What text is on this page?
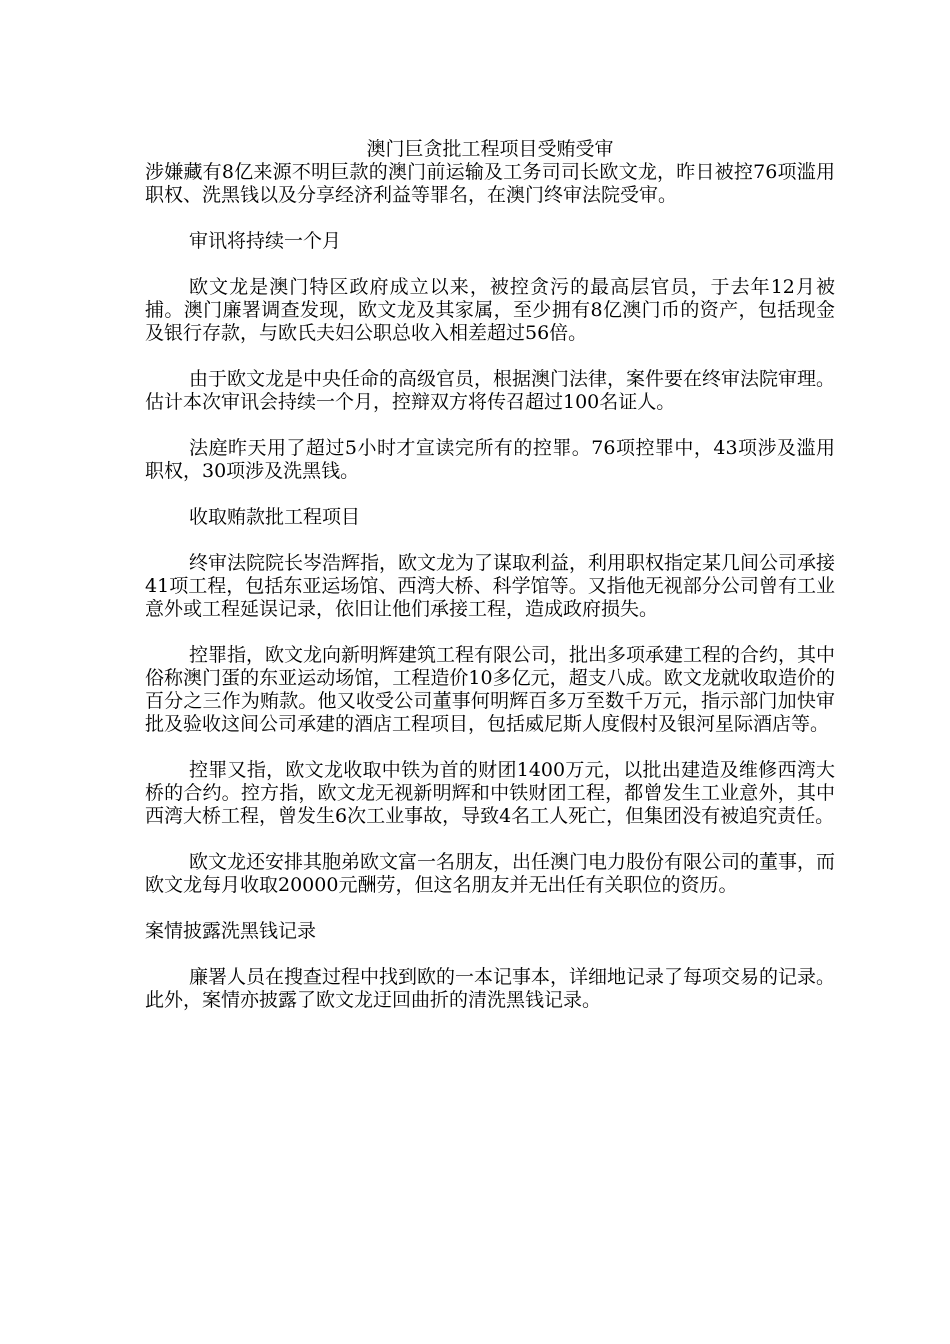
澳门巨贪批工程项目受贿受审

涉嫌藏有8亿来源不明巨款的澳门前运输及工务司司长欧文龙，昨日被控76项滥用职权、洗黑钱以及分享经济利益等罪名，在澳门终审法院受审。

审讯将持续一个月

欧文龙是澳门特区政府成立以来，被控贪污的最高层官员，于去年12月被捕。澳门廉署调查发现，欧文龙及其家属，至少拥有8亿澳门币的资产，包括现金及银行存款，与欧氏夫妇公职总收入相差超过56倍。

由于欧文龙是中央任命的高级官员，根据澳门法律，案件要在终审法院审理。估计本次审讯会持续一个月，控辩双方将传召超过100名证人。

法庭昨天用了超过5小时才宣读完所有的控罪。76项控罪中，43项涉及滥用职权，30项涉及洗黑钱。

收取贿款批工程项目

终审法院院长岑浩辉指，欧文龙为了谋取利益，利用职权指定某几间公司承接41项工程，包括东亚运场馆、西湾大桥、科学馆等。又指他无视部分公司曾有工业意外或工程延误记录，依旧让他们承接工程，造成政府损失。

控罪指，欧文龙向新明辉建筑工程有限公司，批出多项承建工程的合约，其中俗称澳门蛋的东亚运动场馆，工程造价10多亿元，超支八成。欧文龙就收取造价的百分之三作为贿款。他又收受公司董事何明辉百多万至数千万元，指示部门加快审批及验收这间公司承建的酒店工程项目，包括威尼斯人度假村及银河星际酒店等。

控罪又指，欧文龙收取中铁为首的财团1400万元，以批出建造及维修西湾大桥的合约。控方指，欧文龙无视新明辉和中铁财团工程，都曾发生工业意外，其中西湾大桥工程，曾发生6次工业事故，导致4名工人死亡，但集团没有被追究责任。

欧文龙还安排其胞弟欧文富一名朋友，出任澳门电力股份有限公司的董事，而欧文龙每月收取20000元酬劳，但这名朋友并无出任有关职位的资历。

案情披露洗黑钱记录

廉署人员在搜查过程中找到欧的一本记事本，详细地记录了每项交易的记录。此外，案情亦披露了欧文龙迂回曲折的清洗黑钱记录。
